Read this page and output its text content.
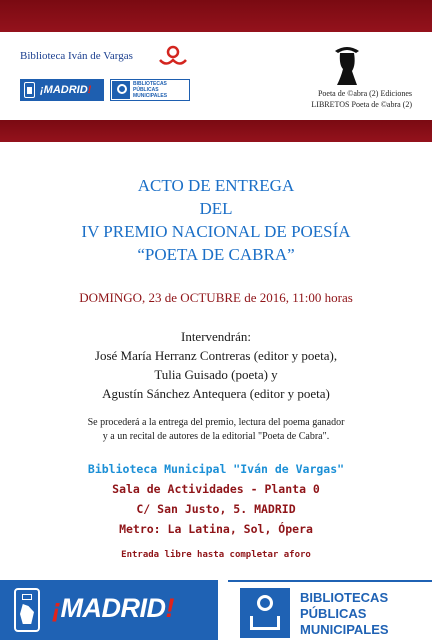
Biblioteca Iván de Vargas
¡MADRID!	BIBLIOTECAS
PÚBLICAS
MUNICIPALES	Poeta de ©abra (2) Ediciones
LIBRETOS Poeta de ©abra (2)
ACTO DE ENTREGA
DEL
IV PREMIO NACIONAL DE POESÍA
“POETA DE CABRA”
DOMINGO, 23 de OCTUBRE de 2016, 11:00 horas
Intervendrán:
José María Herranz Contreras (editor y poeta),
Tulia Guisado (poeta) y
Agustín Sánchez Antequera (editor y poeta)
Se procederá a la entrega del premio, lectura del poema ganador
y a un recital de autores de la editorial "Poeta de Cabra".
Biblioteca Municipal "Iván de Vargas"
Sala de Actividades - Planta 0
C/ San Justo, 5. MADRID
Metro: La Latina, Sol, Ópera
Entrada libre hasta completar aforo
¡MADRID!	BIBLIOTECAS
PÚBLICAS
MUNICIPALES
